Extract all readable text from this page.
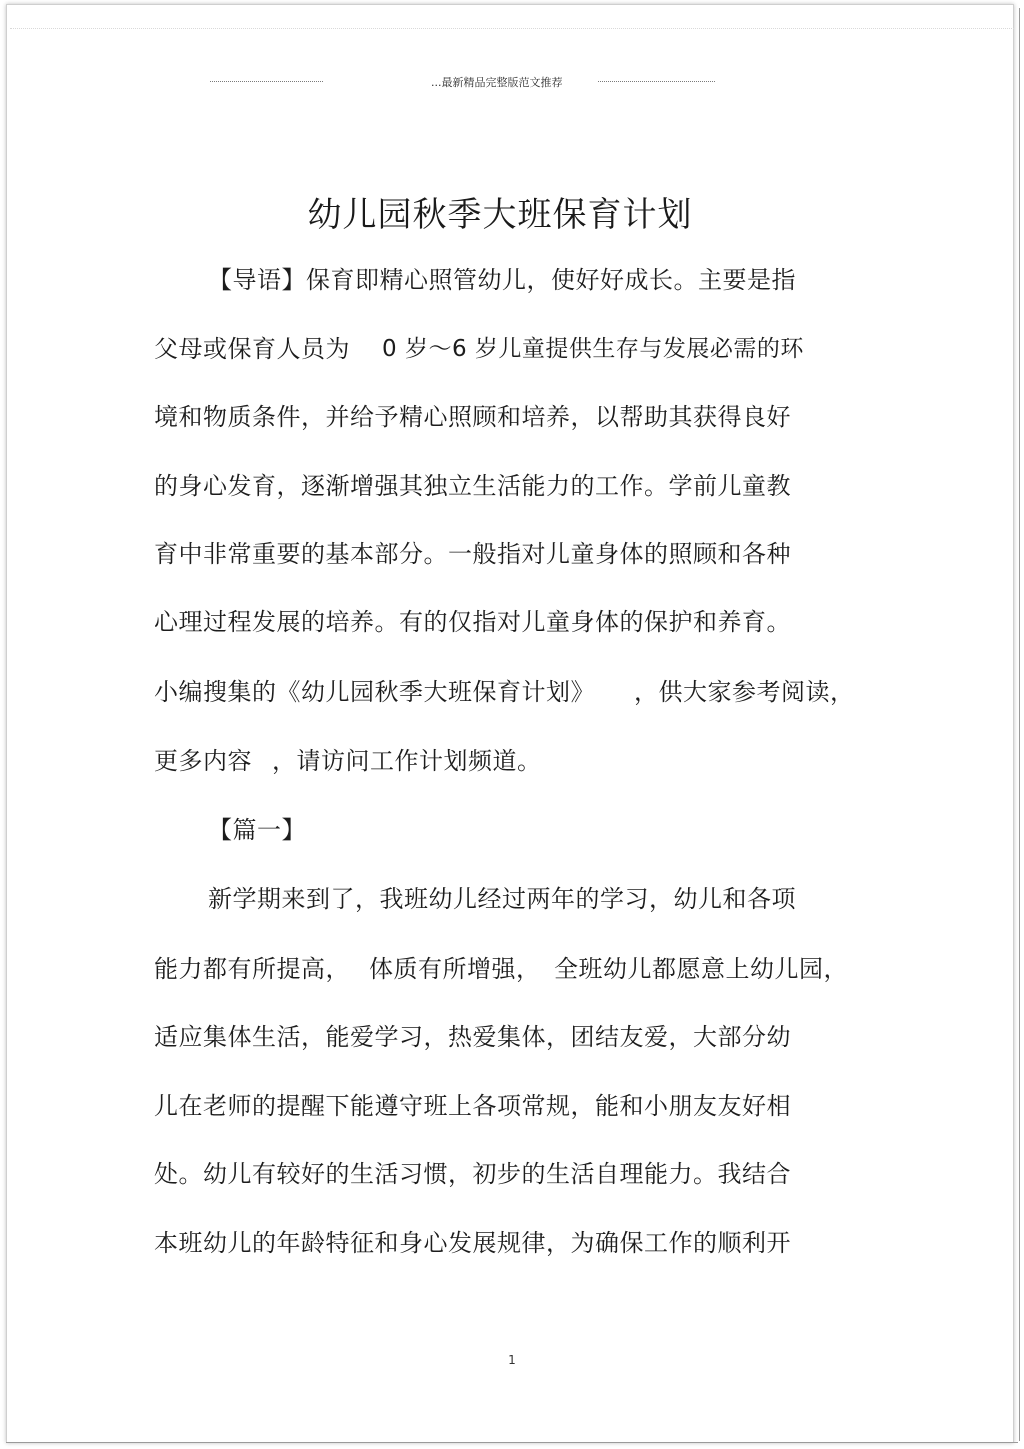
...最新精品完整版范文推荐
幼儿园秋季大班保育计划

【导语】保育即精心照管幼儿，使好好成长。主要是指

父母或保育人员为 0 岁～6 岁儿童提供生存与发展必需的环

境和物质条件，并给予精心照顾和培养，以帮助其获得良好

的身心发育，逐渐增强其独立生活能力的工作。学前儿童教

育中非常重要的基本部分。一般指对儿童身体的照顾和各种

心理过程发展的培养。有的仅指对儿童身体的保护和养育。

小编搜集的《幼儿园秋季大班保育计划》 ，供大家参考阅读，

更多内容 ，请访问工作计划频道。

【篇一】

新学期来到了，我班幼儿经过两年的学习，幼儿和各项

能力都有所提高， 体质有所增强， 全班幼儿都愿意上幼儿园，

适应集体生活，能爱学习，热爱集体，团结友爱，大部分幼

儿在老师的提醒下能遵守班上各项常规，能和小朋友友好相

处。幼儿有较好的生活习惯，初步的生活自理能力。我结合

本班幼儿的年龄特征和身心发展规律，为确保工作的顺利开

1
